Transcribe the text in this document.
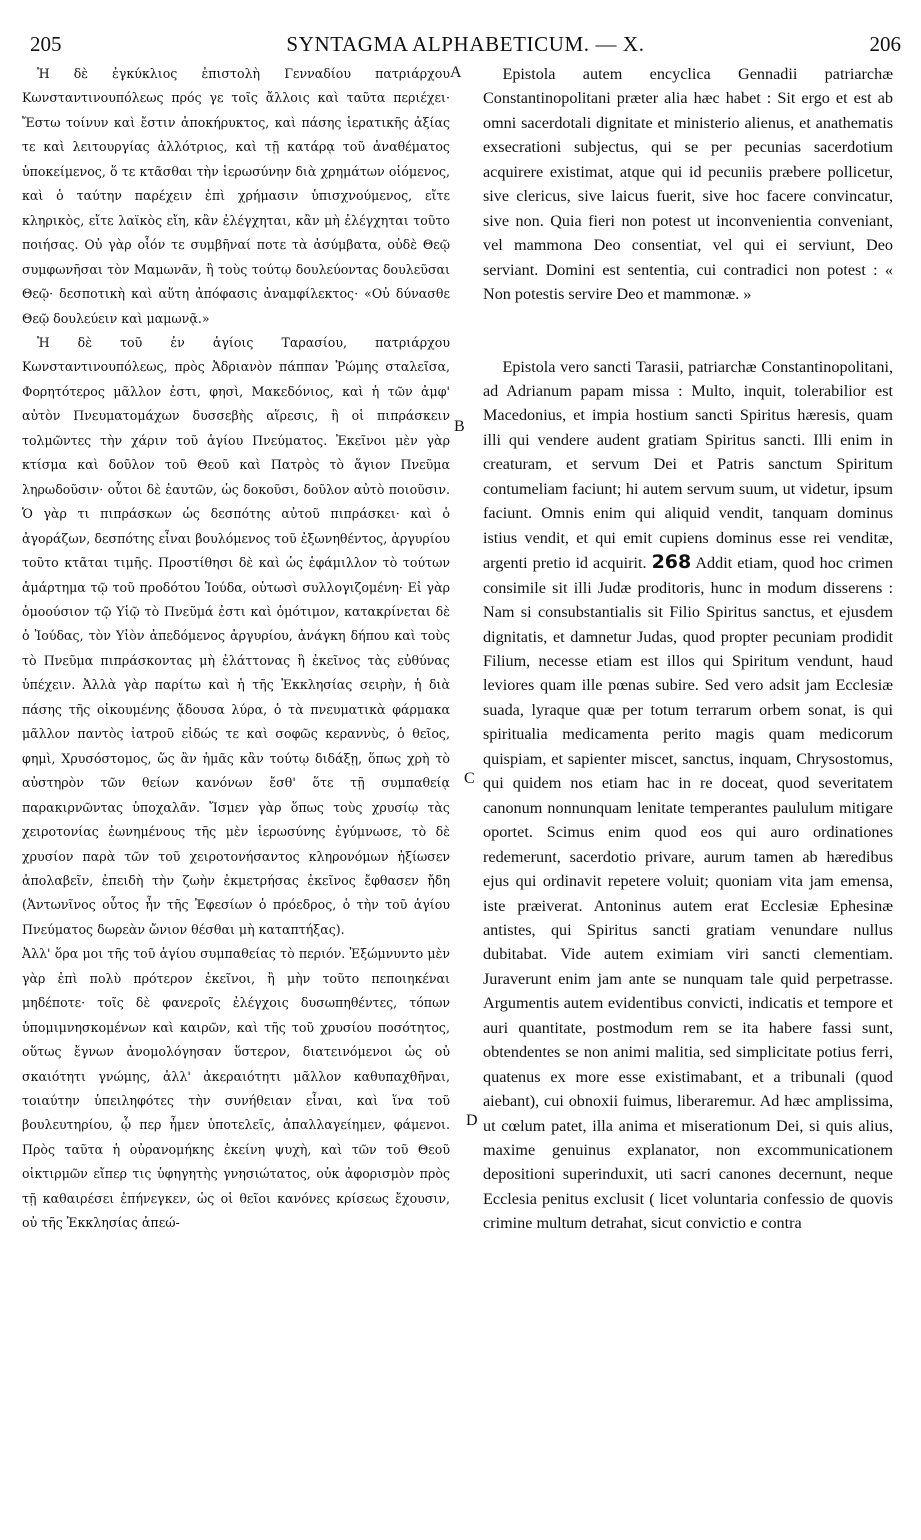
205	SYNTAGMA ALPHABETICUM. — X.	206
A
B
C
D

Ἡ δὲ ἐγκύκλιος ἐπιστολὴ Γενναδίου πατριάρχου Κωνσταντινουπόλεως πρός γε τοῖς ἄλλοις καὶ ταῦτα περιέχει· Ἔστω τοίνυν καὶ ἔστιν ἀποκήρυκτος, καὶ πάσης ἱερατικῆς ἀξίας τε καὶ λειτουργίας ἀλλότριος, καὶ τῇ κατάρᾳ τοῦ ἀναθέματος ὑποκείμενος, ὅ τε κτᾶσθαι τὴν ἱερωσύνην διὰ χρημάτων οἰόμενος, καὶ ὁ ταύτην παρέχειν ἐπὶ χρήμασιν ὑπισχνούμενος, εἴτε κληρικὸς, εἴτε λαϊκὸς εἴη, κἂν ἐλέγχηται, κἂν μὴ ἐλέγχηται τοῦτο ποιήσας. Οὐ γὰρ οἷόν τε συμβῆναί ποτε τὰ ἀσύμβατα, οὐδὲ Θεῷ συμφωνῆσαι τὸν Μαμωνᾶν, ἢ τοὺς τούτῳ δουλεύοντας δουλεῦσαι Θεῷ· δεσποτικὴ καὶ αὕτη ἀπόφασις ἀναμφίλεκτος· «Οὐ δύνασθε Θεῷ δουλεύειν καὶ μαμωνᾷ.»

Ἡ δὲ τοῦ ἐν ἁγίοις Ταρασίου, πατριάρχου Κωνσταντινουπόλεως, πρὸς Ἀδριανὸν πάππαν Ῥώμης σταλεῖσα, Φορητότερος μᾶλλον ἐστι, φησὶ, Μακεδόνιος, καὶ ἡ τῶν ἀμφ' αὐτὸν Πνευματομάχων δυσσεβὴς αἵρεσις, ἢ οἱ πιπράσκειν τολμῶντες τὴν χάριν τοῦ ἁγίου Πνεύματος. Ἐκεῖνοι μὲν γὰρ κτίσμα καὶ δοῦλον τοῦ Θεοῦ καὶ Πατρὸς τὸ ἅγιον Πνεῦμα ληρωδοῦσιν· οὗτοι δὲ ἑαυτῶν, ὡς δοκοῦσι, δοῦλον αὐτὸ ποιοῦσιν. Ὁ γὰρ τι πιπράσκων ὡς δεσπότης αὐτοῦ πιπράσκει· καὶ ὁ ἀγοράζων, δεσπότης εἶναι βουλόμενος τοῦ ἐξωνηθέντος, ἀργυρίου τοῦτο κτᾶται τιμῆς. Προστίθησι δὲ καὶ ὡς ἑφάμιλλον τὸ τούτων ἁμάρτημα τῷ τοῦ προδότου Ἰούδα, οὑτωσὶ συλλογιζομένη· Εἰ γὰρ ὁμοούσιον τῷ Υἱῷ τὸ Πνεῦμά ἐστι καὶ ὁμότιμον, κατακρίνεται δὲ ὁ Ἰούδας, τὸν Υἱὸν ἀπεδόμενος ἀργυρίου, ἀνάγκη δήπου καὶ τοὺς τὸ Πνεῦμα πιπράσκοντας μὴ ἐλάττονας ἢ ἐκεῖνος τὰς εὐθύνας ὑπέχειν. Ἀλλὰ γὰρ παρίτω καὶ ἡ τῆς Ἐκκλησίας σειρὴν, ἡ διὰ πάσης τῆς οἰκουμένης ᾄδουσα λύρα, ὁ τὰ πνευματικὰ φάρμακα μᾶλλον παντὸς ἰατροῦ εἰδώς τε καὶ σοφῶς κεραννὺς, ὁ θεῖος, φημὶ, Χρυσόστομος, ὥς ἂν ἡμᾶς κἂν τούτῳ διδάξῃ, ὅπως χρὴ τὸ αὐστηρὸν τῶν θείων κανόνων ἔσθ' ὅτε τῇ συμπαθείᾳ παρακιρνῶντας ὑποχαλᾶν. Ἴσμεν γὰρ ὅπως τοὺς χρυσίῳ τὰς χειροτονίας ἐωνημένους τῆς μὲν ἱερωσύνης ἐγύμνωσε, τὸ δὲ χρυσίον παρὰ τῶν τοῦ χειροτονήσαντος κληρονόμων ἠξίωσεν ἀπολαβεῖν, ἐπειδὴ τὴν ζωὴν ἐκμετρήσας ἐκεῖνος ἔφθασεν ἤδη (Ἀντωνῖνος οὗτος ἦν τῆς Ἐφεσίων ὁ πρόεδρος, ὁ τὴν τοῦ ἁγίου Πνεύματος δωρεὰν ὤνιον θέσθαι μὴ καταπτήξας).

Ἀλλ' ὅρα μοι τῆς τοῦ ἁγίου συμπαθείας τὸ περιόν. Ἐξώμνυντο μὲν γὰρ ἐπὶ πολὺ πρότερον ἐκεῖνοι, ἢ μὴν τοῦτο πεποιηκέναι μηδέποτε· τοῖς δὲ φανεροῖς ἐλέγχοις δυσωπηθέντες, τόπων ὑπομιμνησκομένων καὶ καιρῶν, καὶ τῆς τοῦ χρυσίου ποσότητος, οὕτως ἔγνων ἀνομολόγησαν ὕστερον, διατεινόμενοι ὡς οὐ σκαιότητι γνώμης, ἀλλ' ἀκεραιότητι μᾶλλον καθυπαχθῆναι, τοιαύτην ὑπειληφότες τὴν συνήθειαν εἶναι, καὶ ἵνα τοῦ βουλευτηρίου, ᾧ περ ἦμεν ὑποτελεῖς, ἀπαλλαγείημεν, φάμενοι. Πρὸς ταῦτα ἡ οὐρανομήκης ἐκείνη ψυχὴ, καὶ τῶν τοῦ Θεοῦ οἰκτιρμῶν εἴπερ τις ὑφηγητὴς γνησιώτατος, οὐκ ἀφορισμὸν πρὸς τῇ καθαιρέσει ἐπήνεγκεν, ὡς οἱ θεῖοι κανόνες κρίσεως ἔχουσιν, οὐ τῆς Ἐκκλησίας ἀπεώ-

Epistola autem encyclica Gennadii patriarchæ Constantinopolitani præter alia hæc habet : Sit ergo et est ab omni sacerdotali dignitate et ministerio alienus, et anathematis exsecrationi subjectus, qui se per pecunias sacerdotium acquirere existimat, atque qui id pecuniis præbere pollicetur, sive clericus, sive laicus fuerit, sive hoc facere convincatur, sive non. Quia fieri non potest ut inconvenientia conveniant, vel mammona Deo consentiat, vel qui ei serviunt, Deo serviant. Domini est sententia, cui contradici non potest : « Non potestis servire Deo et mammonæ. »

Epistola vero sancti Tarasii, patriarchæ Constantinopolitani, ad Adrianum papam missa : Multo, inquit, tolerabilior est Macedonius, et impia hostium sancti Spiritus hæresis, quam illi qui vendere audent gratiam Spiritus sancti. Illi enim in creaturam, et servum Dei et Patris sanctum Spiritum contumeliam faciunt; hi autem servum suum, ut videtur, ipsum faciunt. Omnis enim qui aliquid vendit, tanquam dominus istius vendit, et qui emit cupiens dominus esse rei venditæ, argenti pretio id acquirit. 268 Addit etiam, quod hoc crimen consimile sit illi Judæ proditoris, hunc in modum disserens : Nam si consubstantialis sit Filio Spiritus sanctus, et ejusdem dignitatis, et damnetur Judas, quod propter pecuniam prodidit Filium, necesse etiam est illos qui Spiritum vendunt, haud leviores quam ille pœnas subire. Sed vero adsit jam Ecclesiæ suada, lyraque quæ per totum terrarum orbem sonat, is qui spiritualia medicamenta perito magis quam medicorum quispiam, et sapienter miscet, sanctus, inquam, Chrysostomus, qui quidem nos etiam hac in re doceat, quod severitatem canonum nonnunquam lenitate temperantes paululum mitigare oportet. Scimus enim quod eos qui auro ordinationes redemerunt, sacerdotio privare, aurum tamen ab hæredibus ejus qui ordinavit repetere voluit; quoniam vita jam emensa, iste præiverat. Antoninus autem erat Ecclesiæ Ephesinæ antistes, qui Spiritus sancti gratiam venundare nullus dubitabat. Vide autem eximiam viri sancti clementiam. Juraverunt enim jam ante se nunquam tale quid perpetrasse. Argumentis autem evidentibus convicti, indicatis et tempore et auri quantitate, postmodum rem se ita habere fassi sunt, obtendentes se non animi malitia, sed simplicitate potius ferri, quatenus ex more esse existimabant, et a tribunali (quod aiebant), cui obnoxii fuimus, liberaremur. Ad hæc amplissima, ut cœlum patet, illa anima et miserationum Dei, si quis alius, maxime genuinus explanator, non excommunicationem depositioni superinduxit, uti sacri canones decernunt, neque Ecclesia penitus exclusit ( licet voluntaria confessio de quovis crimine multum detrahat, sicut convictio e contra
